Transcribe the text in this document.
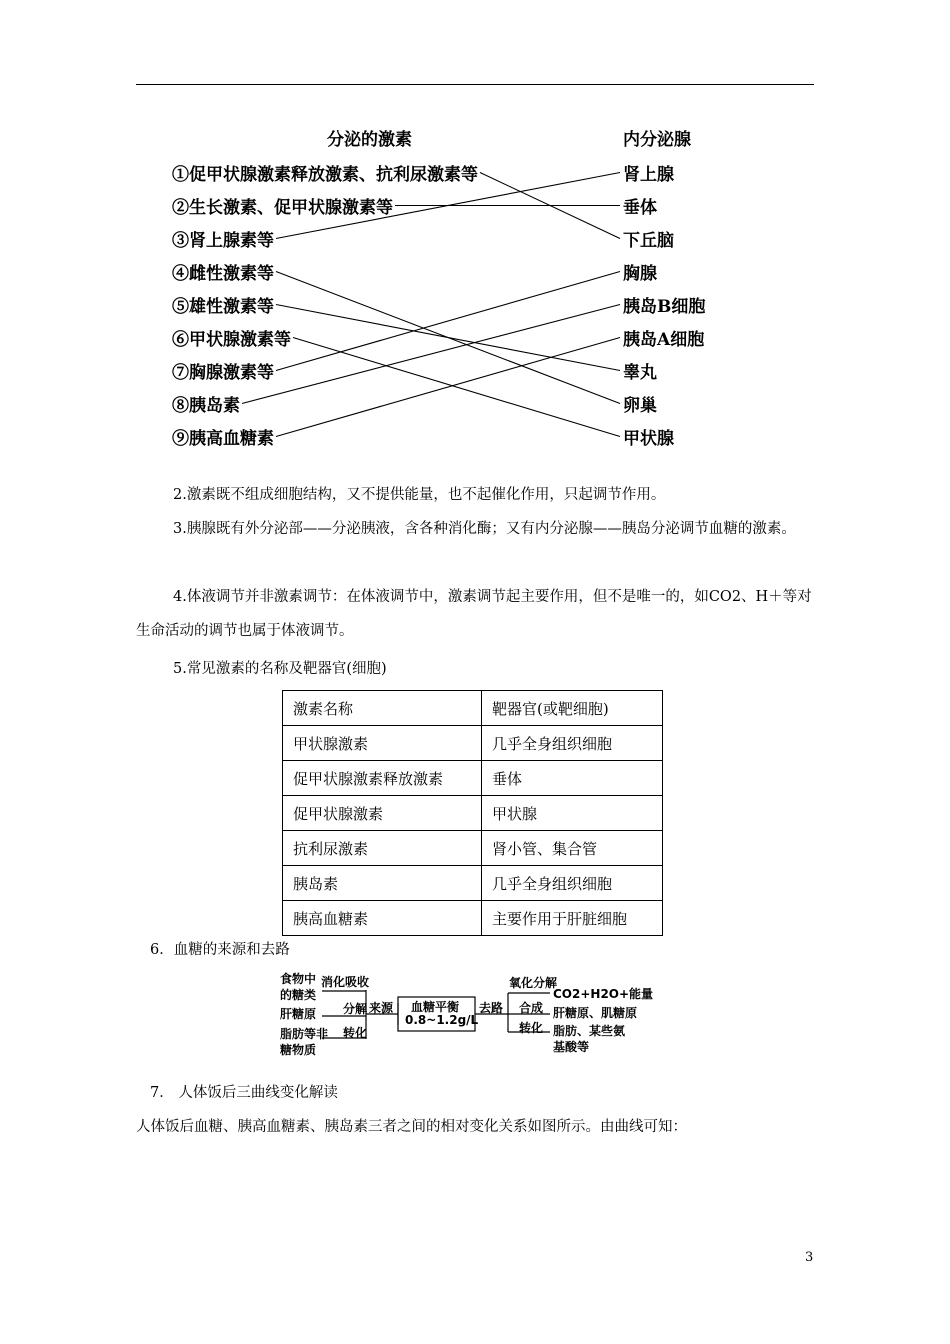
分泌的激素	内分泌腺
①促甲状腺激素释放激素、抗利尿激素等
②生长激素、促甲状腺激素等
③肾上腺素等
④雌性激素等
⑤雄性激素等
⑥甲状腺激素等
⑦胸腺激素等
⑧胰岛素
⑨胰高血糖素
肾上腺
垂体
下丘脑
胸腺
胰岛B细胞
胰岛A细胞
睾丸
卵巢
甲状腺
2.激素既不组成细胞结构，又不提供能量，也不起催化作用，只起调节作用。
3.胰腺既有外分泌部——分泌胰液，含各种消化酶；又有内分泌腺——胰岛分泌调节血糖的激素。
4.体液调节并非激素调节：在体液调节中，激素调节起主要作用，但不是唯一的，如CO2、H＋等对生命活动的调节也属于体液调节。
5.常见激素的名称及靶器官(细胞)
激素名称	靶器官(或靶细胞)
甲状腺激素	几乎全身组织细胞
促甲状腺激素释放激素	垂体
促甲状腺激素	甲状腺
抗利尿激素	肾小管、集合管
胰岛素	几乎全身组织细胞
胰高血糖素	主要作用于肝脏细胞
6．血糖的来源和去路
食物中
的糖类
消化吸收
肝糖原 分解
脂肪等非
糖物质
转化
来源 血糖平衡
0.8~1.2g/L
去路
氧化分解
CO2+H2O+能量
合成 肝糖原、肌糖原
转化 脂肪、某些氨
基酸等
7． 人体饭后三曲线变化解读
人体饭后血糖、胰高血糖素、胰岛素三者之间的相对变化关系如图所示。由曲线可知：
3
